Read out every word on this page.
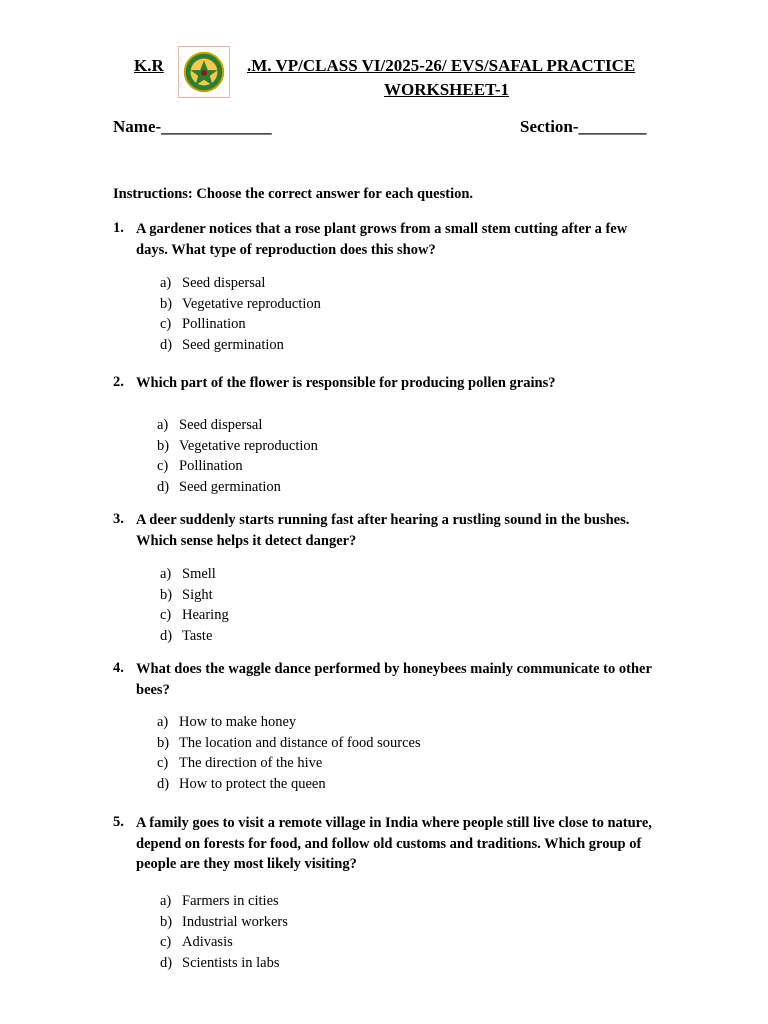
K.R	.M. VP/CLASS VI/2025-26/ EVS/SAFAL PRACTICE
WORKSHEET-1
Name-_____________	Section-________
Instructions: Choose the correct answer for each question.
1. A gardener notices that a rose plant grows from a small stem cutting after a few days. What type of reproduction does this show?
a) Seed dispersal
b) Vegetative reproduction
c) Pollination
d) Seed germination
2. Which part of the flower is responsible for producing pollen grains?
a) Seed dispersal
b) Vegetative reproduction
c) Pollination
d) Seed germination
3. A deer suddenly starts running fast after hearing a rustling sound in the bushes. Which sense helps it detect danger?
a) Smell
b) Sight
c) Hearing
d) Taste
4. What does the waggle dance performed by honeybees mainly communicate to other bees?
a) How to make honey
b) The location and distance of food sources
c) The direction of the hive
d) How to protect the queen
5. A family goes to visit a remote village in India where people still live close to nature, depend on forests for food, and follow old customs and traditions. Which group of people are they most likely visiting?
a) Farmers in cities
b) Industrial workers
c) Adivasis
d) Scientists in labs
